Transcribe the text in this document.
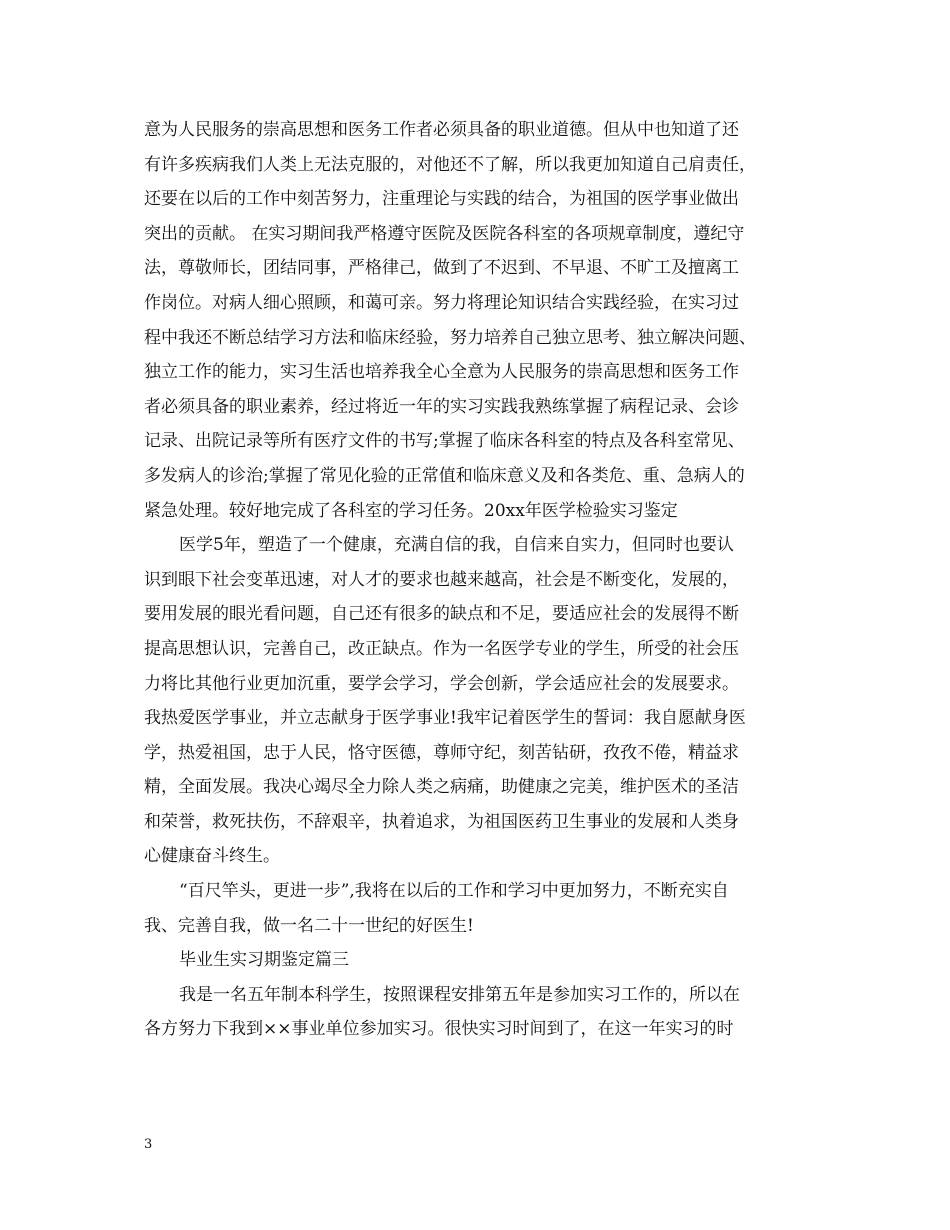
意为人民服务的崇高思想和医务工作者必须具备的职业道德。但从中也知道了还
有许多疾病我们人类上无法克服的，对他还不了解，所以我更加知道自己肩责任，
还要在以后的工作中刻苦努力，注重理论与实践的结合，为祖国的医学事业做出
突出的贡献。 在实习期间我严格遵守医院及医院各科室的各项规章制度，遵纪守
法，尊敬师长，团结同事，严格律己，做到了不迟到、不早退、不旷工及擅离工
作岗位。对病人细心照顾，和蔼可亲。努力将理论知识结合实践经验，在实习过
程中我还不断总结学习方法和临床经验，努力培养自己独立思考、独立解决问题、
独立工作的能力，实习生活也培养我全心全意为人民服务的崇高思想和医务工作
者必须具备的职业素养，经过将近一年的实习实践我熟练掌握了病程记录、会诊
记录、出院记录等所有医疗文件的书写;掌握了临床各科室的特点及各科室常见、
多发病人的诊治;掌握了常见化验的正常值和临床意义及和各类危、重、急病人的
紧急处理。较好地完成了各科室的学习任务。20xx年医学检验实习鉴定
医学5年，塑造了一个健康，充满自信的我，自信来自实力，但同时也要认
识到眼下社会变革迅速，对人才的要求也越来越高，社会是不断变化，发展的，
要用发展的眼光看问题，自己还有很多的缺点和不足，要适应社会的发展得不断
提高思想认识，完善自己，改正缺点。作为一名医学专业的学生，所受的社会压
力将比其他行业更加沉重，要学会学习，学会创新，学会适应社会的发展要求。
我热爱医学事业，并立志献身于医学事业!我牢记着医学生的誓词：我自愿献身医
学，热爱祖国，忠于人民，恪守医德，尊师守纪，刻苦钻研，孜孜不倦，精益求
精，全面发展。我决心竭尽全力除人类之病痛，助健康之完美，维护医术的圣洁
和荣誉，救死扶伤，不辞艰辛，执着追求，为祖国医药卫生事业的发展和人类身
心健康奋斗终生。
“百尺竿头，更进一步”,我将在以后的工作和学习中更加努力，不断充实自
我、完善自我，做一名二十一世纪的好医生!
毕业生实习期鉴定篇三
我是一名五年制本科学生，按照课程安排第五年是参加实习工作的，所以在
各方努力下我到××事业单位参加实习。很快实习时间到了，在这一年实习的时
3
